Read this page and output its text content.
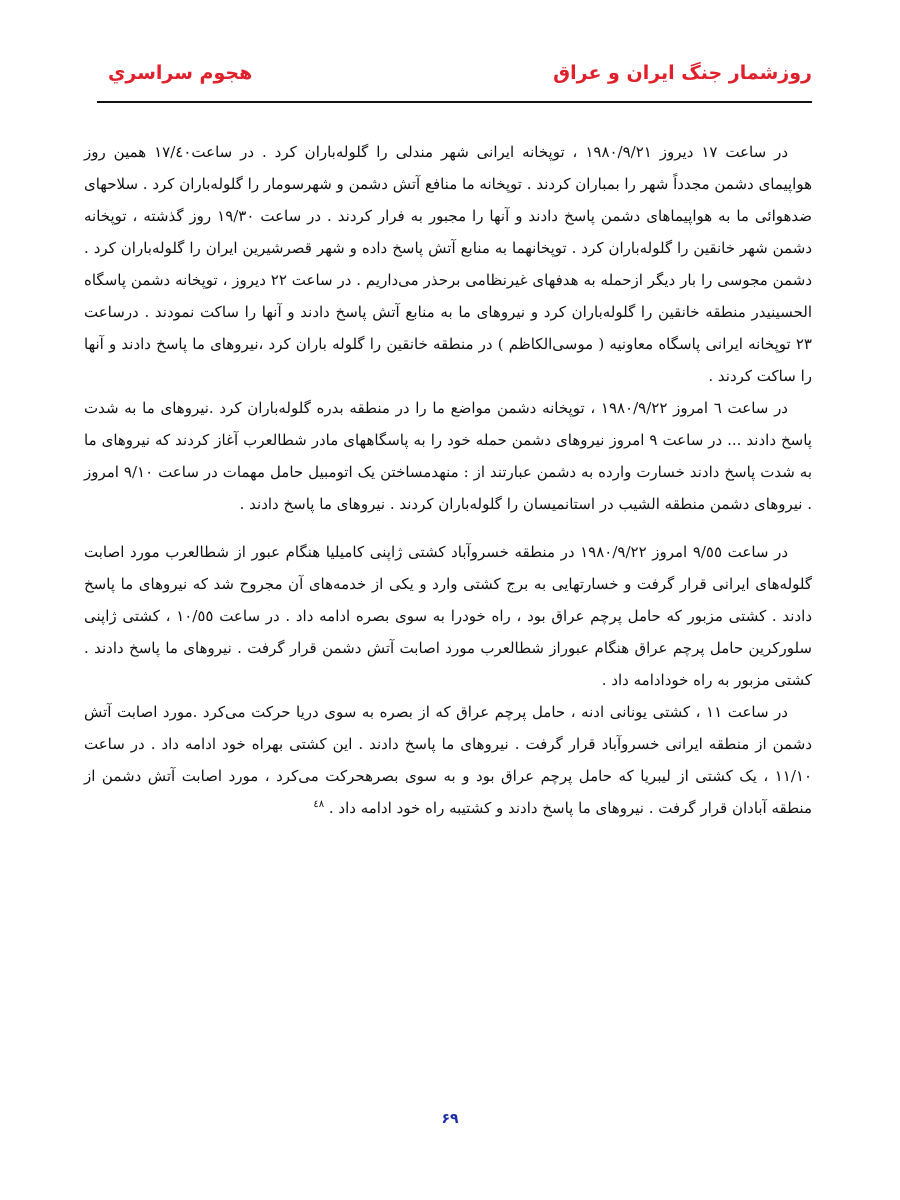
روزشمار جنگ ایران و عراق
هجوم سراسري

در ساعت ۱۷ دیروز ۱۹۸۰/۹/۲۱ ، توپخانه ایرانی شهر مندلی را گلوله‌باران کرد . در ساعت۱۷/٤۰ همین روز هواپیمای دشمن مجدداً شهر را بمباران کردند . توپخانه ما منافع آتش دشمن و شهرسومار را گلوله‌باران کرد . سلاحهای ضدهوائی ما به هواپیماهای دشمن پاسخ دادند و آنها را مجبور به فرار کردند . در ساعت ۱۹/۳۰ روز گذشته ، توپخانه دشمن شهر خانقین را گلوله‌باران کرد . توپخانهما به منابع آتش پاسخ داده و شهر قصرشیرین ایران را گلوله‌باران کرد . دشمن مجوسی را بار دیگر ازحمله به هدفهای غیرنظامی برحذر می‌داریم . در ساعت ۲۲ دیروز ، توپخانه دشمن پاسگاه الحسینیدر منطقه خانقین را گلوله‌باران کرد و نیروهای ما به منابع آتش پاسخ دادند و آنها را ساکت نمودند . درساعت ۲۳ توپخانه ایرانی پاسگاه معاونیه ( موسی‌الکاظم ) در منطقه خانقین را گلوله باران کرد ،نیروهای ما پاسخ دادند و آنها را ساکت کردند .

در ساعت ٦ امروز ۱۹۸۰/۹/۲۲ ، توپخانه دشمن مواضع ما را در منطقه بدره گلوله‌باران کرد .نیروهای ما به شدت پاسخ دادند ... در ساعت ۹ امروز نیروهای دشمن حمله خود را به پاسگاههای مادر شطالعرب آغاز کردند که نیروهای ما به شدت پاسخ دادند خسارت وارده به دشمن عبارتند از : منهدمساختن یک اتومبیل حامل مهمات در ساعت ۹/۱۰ امروز . نیروهای دشمن منطقه الشیب در استانمیسان را گلوله‌باران کردند . نیروهای ما پاسخ دادند .

در ساعت ۹/٥٥ امروز ۱۹۸۰/۹/۲۲ در منطقه خسروآباد کشتی ژاپنی کامیلیا هنگام عبور از شطالعرب مورد اصابت گلوله‌های ایرانی قرار گرفت و خسارتهایی به برج کشتی وارد و یکی از خدمه‌های آن مجروح شد که نیروهای ما پاسخ دادند . کشتی مزبور که حامل پرچم عراق بود ، راه خودرا به سوی بصره ادامه داد . در ساعت ۱۰/٥٥ ، کشتی ژاپنی سلورکرین حامل پرچم عراق هنگام عبوراز شطالعرب مورد اصابت آتش دشمن قرار گرفت . نیروهای ما پاسخ دادند . کشتی مزبور به راه خودادامه داد .

در ساعت ۱۱ ، کشتی یونانی ادنه ، حامل پرچم عراق که از بصره به سوی دریا حرکت می‌کرد .مورد اصابت آتش دشمن از منطقه ایرانی خسروآباد قرار گرفت . نیروهای ما پاسخ دادند . این کشتی بهراه خود ادامه داد . در ساعت ۱۱/۱۰ ، یک کشتی از لیبریا که حامل پرچم عراق بود و به سوی بصرهحرکت می‌کرد ، مورد اصابت آتش دشمن از منطقه آبادان قرار گرفت . نیروهای ما پاسخ دادند و کشتیبه راه خود ادامه داد . $^{٤٨}$

۶۹
